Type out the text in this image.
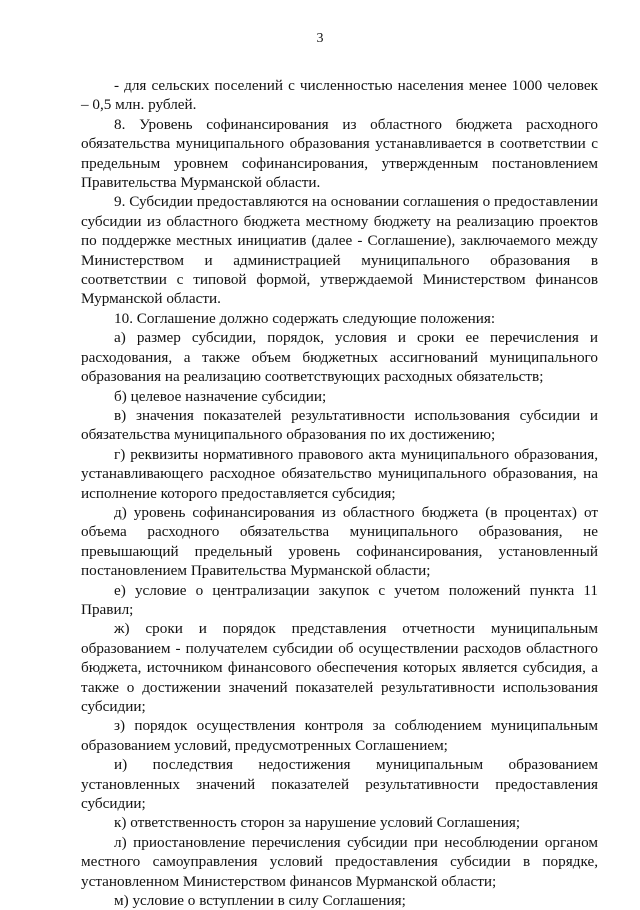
3

- для сельских поселений с численностью населения менее 1000 человек – 0,5 млн. рублей.

8. Уровень софинансирования из областного бюджета расходного обязательства муниципального образования устанавливается в соответствии с предельным уровнем софинансирования, утвержденным постановлением Правительства Мурманской области.

9. Субсидии предоставляются на основании соглашения о предоставлении субсидии из областного бюджета местному бюджету на реализацию проектов по поддержке местных инициатив (далее - Соглашение), заключаемого между Министерством и администрацией муниципального образования в соответствии с типовой формой, утверждаемой Министерством финансов Мурманской области.

10. Соглашение должно содержать следующие положения:

а) размер субсидии, порядок, условия и сроки ее перечисления и расходования, а также объем бюджетных ассигнований муниципального образования на реализацию соответствующих расходных обязательств;

б) целевое назначение субсидии;

в) значения показателей результативности использования субсидии и обязательства муниципального образования по их достижению;

г) реквизиты нормативного правового акта муниципального образования, устанавливающего расходное обязательство муниципального образования, на исполнение которого предоставляется субсидия;

д) уровень софинансирования из областного бюджета (в процентах) от объема расходного обязательства муниципального образования, не превышающий предельный уровень софинансирования, установленный постановлением Правительства Мурманской области;

е) условие о централизации закупок с учетом положений пункта 11 Правил;

ж) сроки и порядок представления отчетности муниципальным образованием - получателем субсидии об осуществлении расходов областного бюджета, источником финансового обеспечения которых является субсидия, а также о достижении значений показателей результативности использования субсидии;

з) порядок осуществления контроля за соблюдением муниципальным образованием условий, предусмотренных Соглашением;

и) последствия недостижения муниципальным образованием установленных значений показателей результативности предоставления субсидии;

к) ответственность сторон за нарушение условий Соглашения;

л) приостановление перечисления субсидии при несоблюдении органом местного самоуправления условий предоставления субсидии в порядке, установленном Министерством финансов Мурманской области;

м) условие о вступлении в силу Соглашения;
